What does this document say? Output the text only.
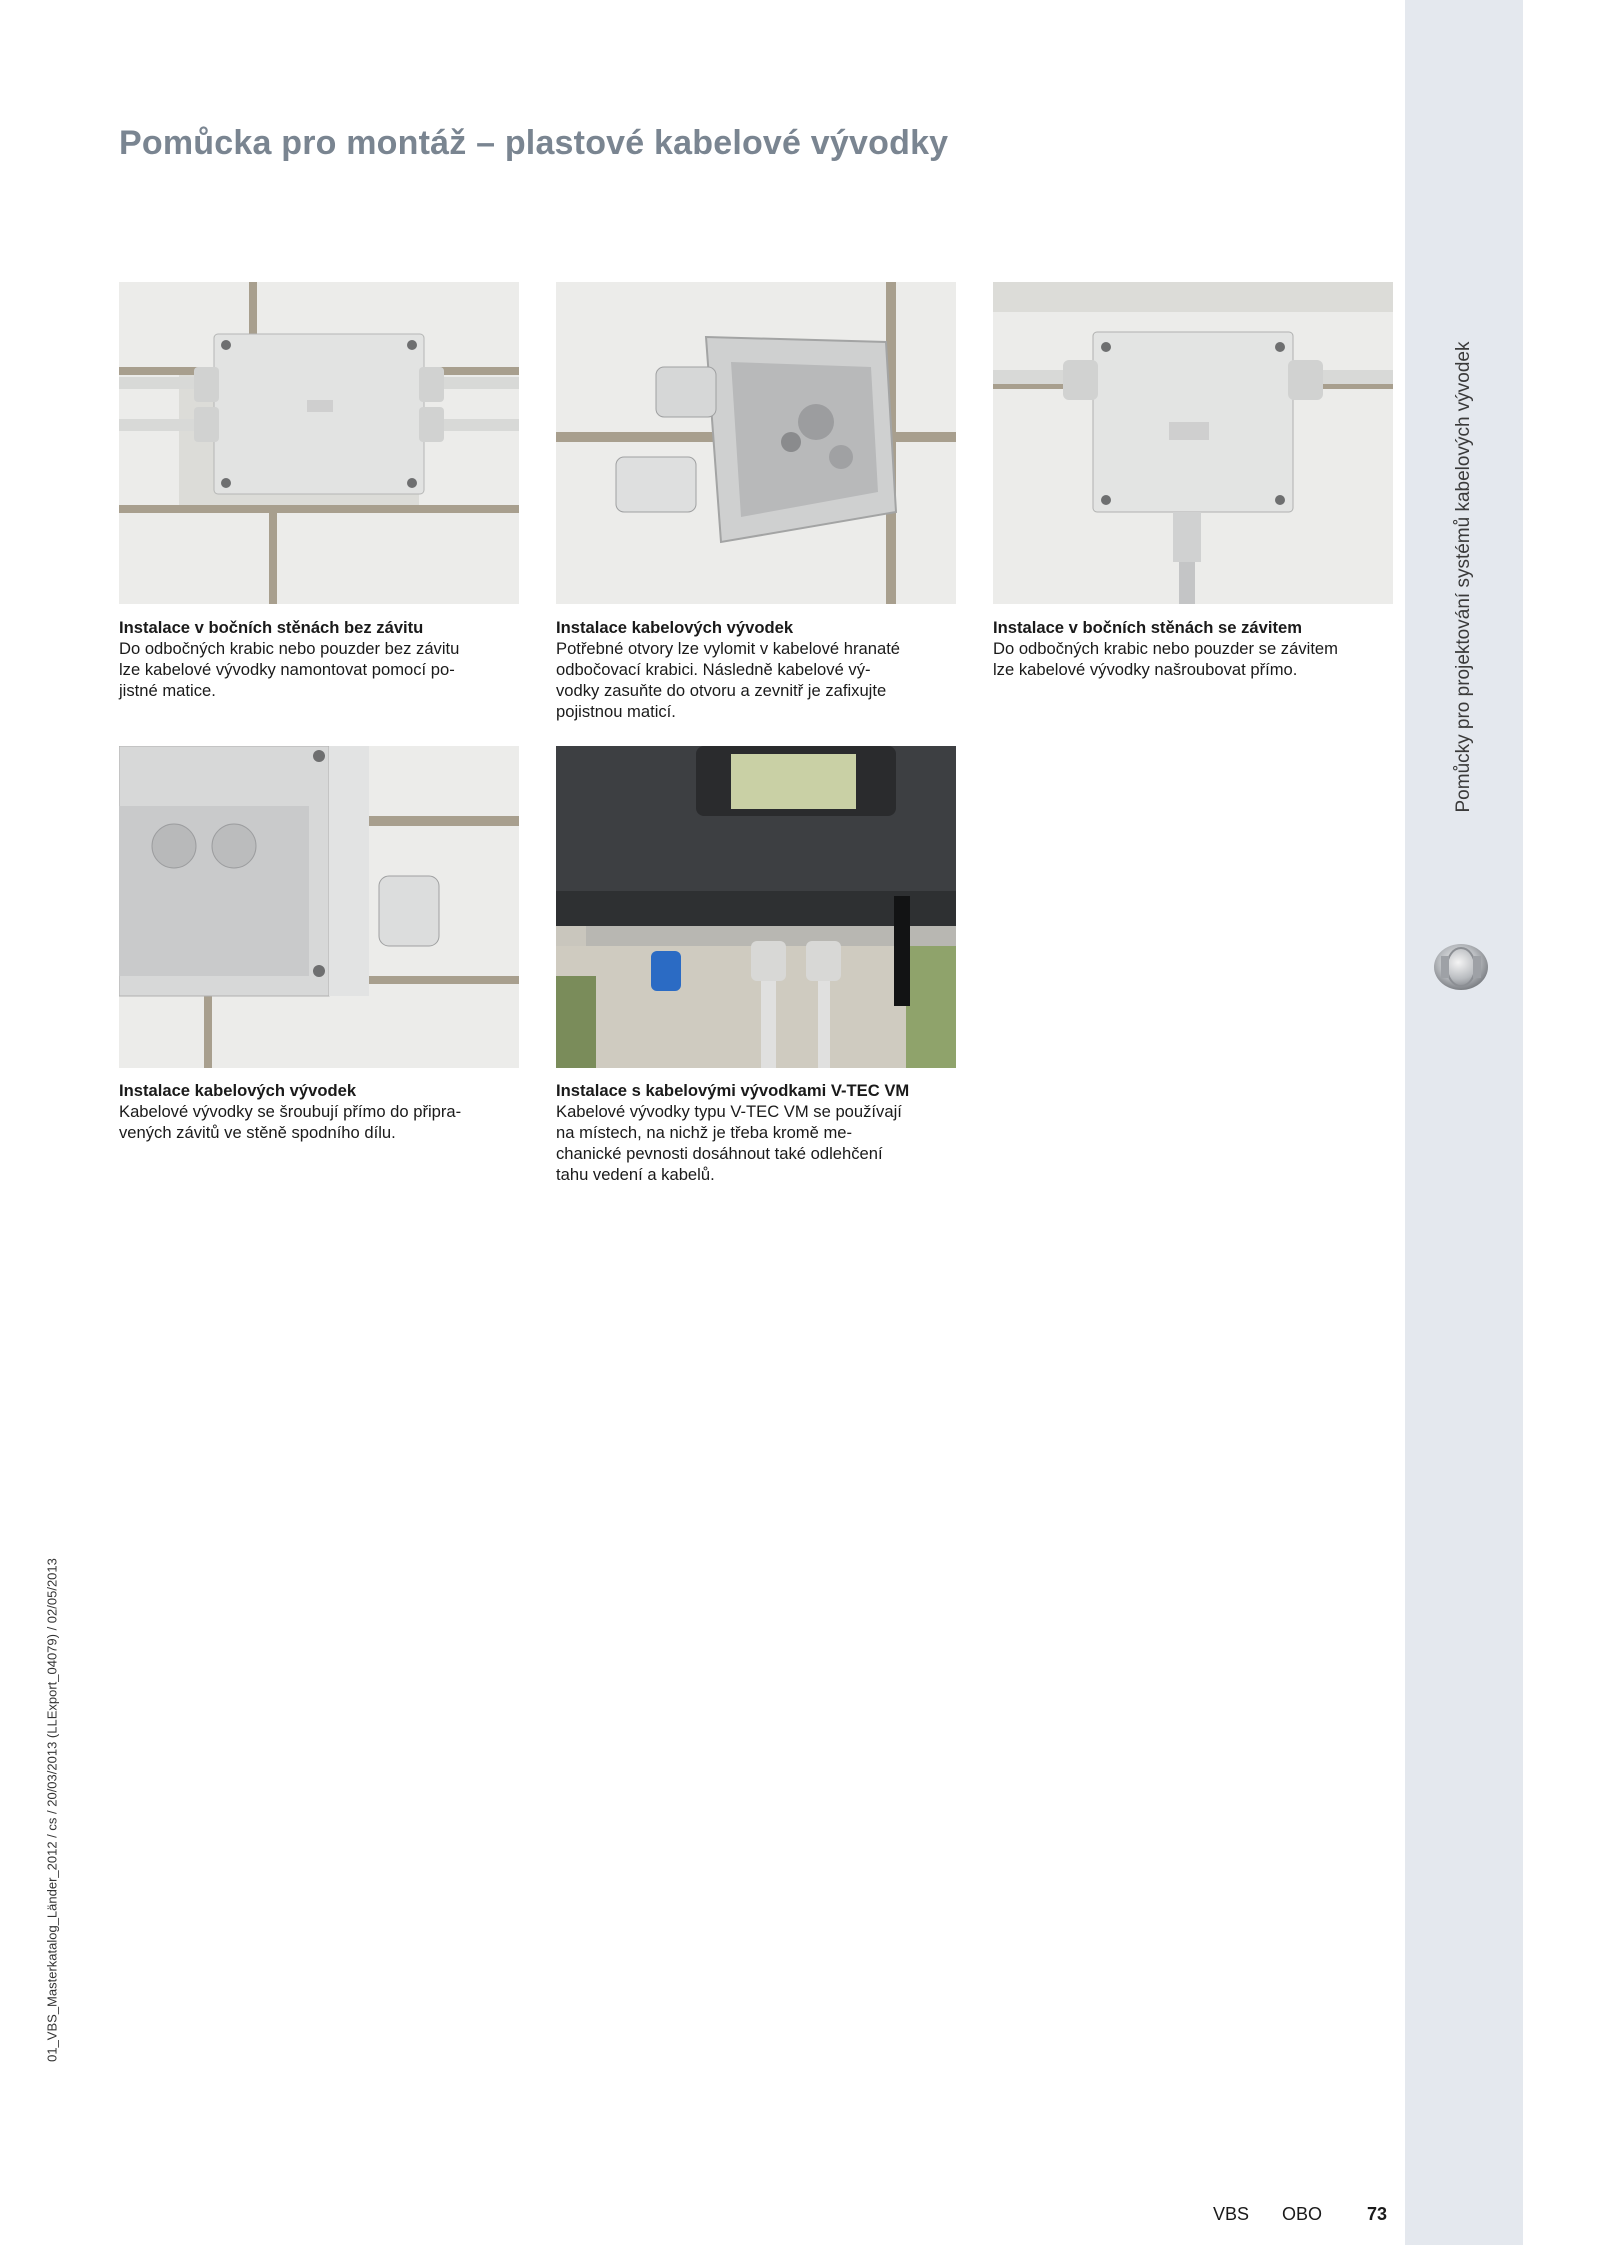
Pomůcky pro projektování systémů kabelových vývodek
Pomůcka pro montáž – plastové kabelové vývodky
Instalace v bočních stěnách bez závitu
Do odbočných krabic nebo pouzder bez závitu
lze kabelové vývodky namontovat pomocí po-
jistné matice.
Instalace kabelových vývodek
Potřebné otvory lze vylomit v kabelové hranaté
odbočovací krabici. Následně kabelové vý-
vodky zasuňte do otvoru a zevnitř je zafixujte
pojistnou maticí.
Instalace v bočních stěnách se závitem
Do odbočných krabic nebo pouzder se závitem
lze kabelové vývodky našroubovat přímo.
Instalace kabelových vývodek
Kabelové vývodky se šroubují přímo do připra-
vených závitů ve stěně spodního dílu.
Instalace s kabelovými vývodkami V-TEC VM
Kabelové vývodky typu V-TEC VM se používají
na místech, na nichž je třeba kromě me-
chanické pevnosti dosáhnout také odlehčení
tahu vedení a kabelů.
01_VBS_Masterkatalog_Länder_2012 / cs / 20/03/2013 (LLExport_04079) / 02/05/2013
VBS OBO 73
